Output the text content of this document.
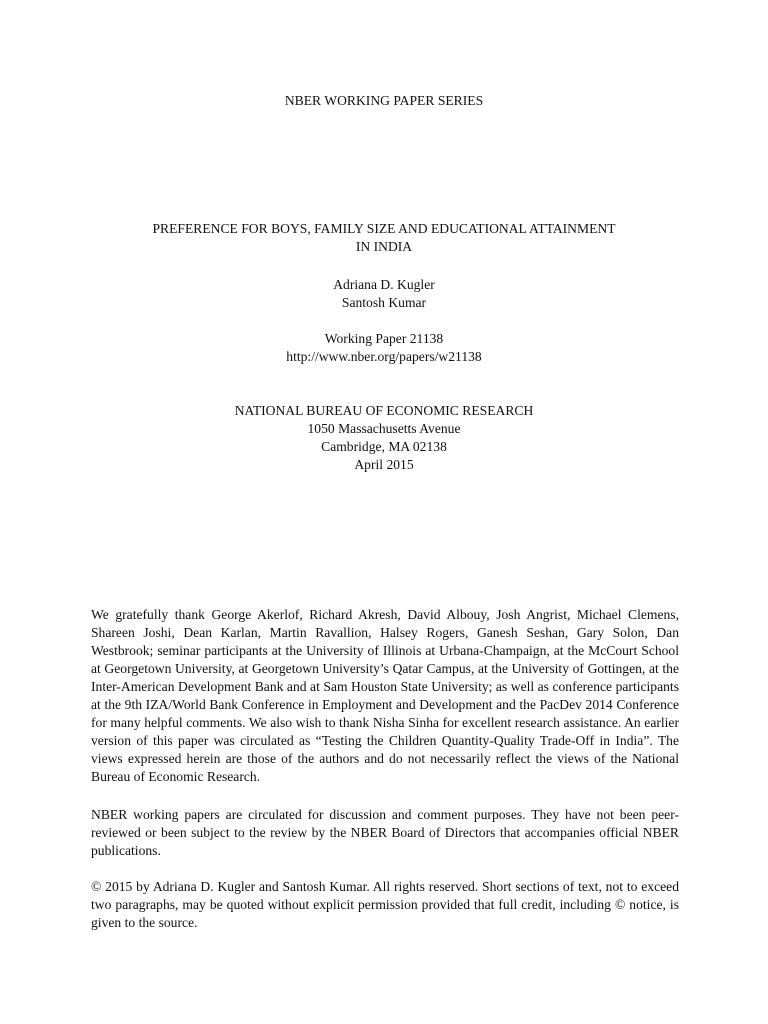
NBER WORKING PAPER SERIES
PREFERENCE FOR BOYS, FAMILY SIZE AND EDUCATIONAL ATTAINMENT
IN INDIA
Adriana D. Kugler
Santosh Kumar
Working Paper 21138
http://www.nber.org/papers/w21138
NATIONAL BUREAU OF ECONOMIC RESEARCH
1050 Massachusetts Avenue
Cambridge, MA 02138
April 2015

We gratefully thank George Akerlof, Richard Akresh, David Albouy, Josh Angrist, Michael Clemens, Shareen Joshi, Dean Karlan, Martin Ravallion, Halsey Rogers, Ganesh Seshan, Gary Solon, Dan Westbrook; seminar participants at the University of Illinois at Urbana-Champaign, at the McCourt School at Georgetown University, at Georgetown University’s Qatar Campus, at the University of Gottingen, at the Inter-American Development Bank and at Sam Houston State University; as well as conference participants at the 9th IZA/World Bank Conference in Employment and Development and the PacDev 2014 Conference for many helpful comments. We also wish to thank Nisha Sinha for excellent research assistance. An earlier version of this paper was circulated as “Testing the Children Quantity-Quality Trade-Off in India”. The views expressed herein are those of the authors and do not necessarily reflect the views of the National Bureau of Economic Research.

NBER working papers are circulated for discussion and comment purposes. They have not been peer-reviewed or been subject to the review by the NBER Board of Directors that accompanies official NBER publications.

© 2015 by Adriana D. Kugler and Santosh Kumar. All rights reserved. Short sections of text, not to exceed two paragraphs, may be quoted without explicit permission provided that full credit, including © notice, is given to the source.
